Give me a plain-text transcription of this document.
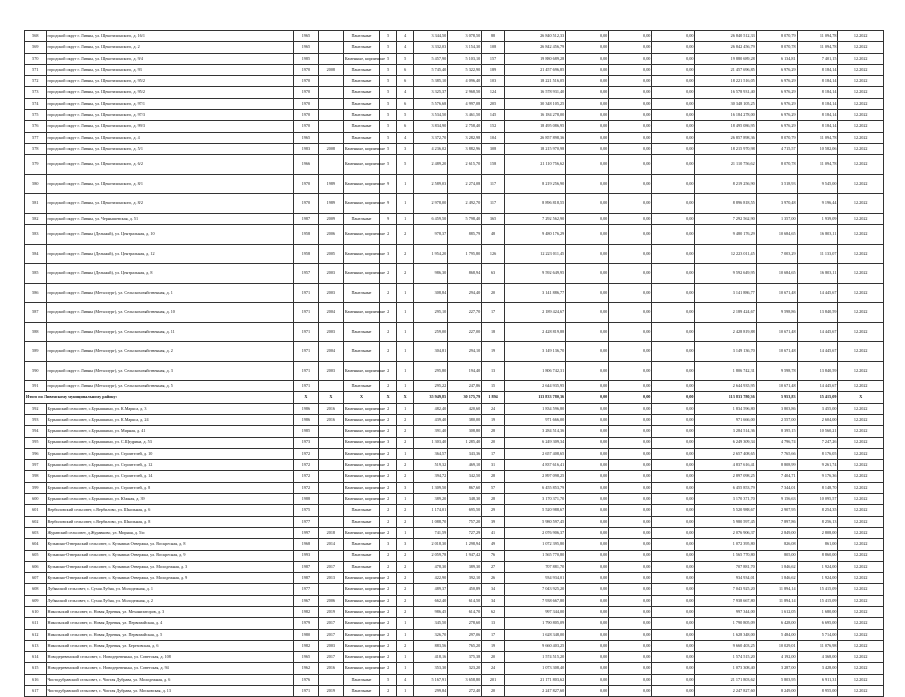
568	городской округ г. Ливны, ул. Щекотихинского, д. 16/1	1965		Панельные	5	4	3 344,50	3 078,50	88	26 840 512,33	0,00	0,00	0,00	26 840 512,33	8 070,79	11 094,78	12.2022
569	городской округ г. Ливны, ул. Щекотихинского, д. 2	1965		Панельные	5	4	3 332,03	3 154,30	108	26 842 456,79	0,00	0,00	0,00	26 842 456,79	8 070,78	11 094,78	12.2022
570	городской округ г. Ливны, ул. Щекотихинского, д. 9/4	1985		Каменные, кирпичные	5	5	5 457,90	5 103,10	157	19 880 689,28	0,00	0,00	0,00	19 880 689,28	6 134,81	7 401,15	12.2022
571	городской округ г. Ливны, ул. Щекотихинского, д. 93	1970	2008	Панельные	5	6	5 745,40	5 322,90	189	21 457 696,85	0,00	0,00	0,00	21 457 696,85	6 976,29	8 184,14	12.2022
572	городской округ г. Ливны, ул. Щекотихинского, д. 95/2	1970		Панельные	5	6	5 385,10	4 096,40	103	18 221 516,05	0,00	0,00	0,00	18 221 516,05	6 976,29	8 184,14	12.2022
573	городской округ г. Ливны, ул. Щекотихинского, д. 95/2	1970		Панельные	5	4	3 325,37	2 968,50	124	16 578 931,40	0,00	0,00	0,00	16 578 931,40	6 976,29	8 184,14	12.2022
574	городской округ г. Ливны, ул. Щекотихинского, д. 97/1	1970		Панельные	5	6	5 576,68	4 997,08	205	30 348 105,25	0,00	0,00	0,00	30 348 105,25	6 976,29	8 184,14	12.2022
575	городской округ г. Ливны, ул. Щекотихинского, д. 97/3	1970		Панельные	5	5	3 534,50	3 461,50	145	16 184 278,00	0,00	0,00	0,00	16 184 278,00	6 976,29	8 184,14	12.2022
576	городской округ г. Ливны, ул. Щекотихинского, д. 99/3	1970		Панельные	5	6	3 834,90	2 758,40	152	18 495 086,95	0,00	0,00	0,00	18 495 086,95	6 976,29	8 184,14	12.2022
577	городской округ г. Ливны, ул. Щекотихинского, д. 4	1965		Панельные	5	4	3 372,70	3 282,98	104	26 857 898,36	0,00	0,00	0,00	26 857 898,36	8 070,79	11 094,78	12.2022
578	городской округ г. Ливны, ул. Щекотихинского, д. 5/1	1983	2008	Каменные, кирпичные	5	3	4 236,02	3 882,96	308	18 215 970,98	0,00	0,00	0,00	18 215 970,98	4 715,57	10 582,06	12.2022
579	городской округ г. Ливны, ул. Щекотихинского, д. 6/2	1966		Каменные, кирпичные	5	5	2 489,20	2 615,70	158	21 110 756,62	0,00	0,00	0,00	21 110 756,62	8 070,78	11 094,78	12.2022
580	городской округ г. Ливны, ул. Щекотихинского, д. 8/1	1970	1989	Каменные, кирпичные	9	1	2 589,03	2 274,08	117	8 219 256,90	0,00	0,00	0,00	8 219 256,90	3 518,93	9 545,00	12.2022
581	городской округ г. Ливны, ул. Щекотихинского, д. 8/2	1970	1989	Каменные, кирпичные	9	1	2 978,00	2 492,70	117	8 896 818,55	0,00	0,00	0,00	8 896 818,55	3 970,48	9 196,44	12.2022
582	городской округ г. Ливны, ул. Чернышевская, д. 51	1987	2009	Панельные	9	1	6 459,50	5 798,40	365	7 292 562,90	0,00	0,00	0,00	7 292 562,90	1 357,00	1 939,09	12.2022
583	городской округ г. Ливны (Дельный), ул. Центральная, д. 10	1958	2006	Каменные, кирпичные	2	2	978,37	885,79	48	9 480 176,29	0,00	0,00	0,00	9 480 176,29	10 684,65	16 803,11	12.2022
584	городской округ г. Ливны (Дельный), ул. Центральная, д. 12	1958	2005	Каменные, кирпичные	3	2	1 954,20	1 795,80	126	12 223 011,45	0,00	0,00	0,00	12 223 011,45	7 003,29	11 133,07	12.2022
585	городской округ г. Ливны (Дельный), ул. Центральная, д. 8	1957	2003	Каменные, кирпичные	2	2	986,30	868,94	63	9 592 649,95	0,00	0,00	0,00	9 592 649,95	10 684,65	16 803,11	12.2022
586	городской округ г. Ливны (Металлург), ул. Сельскохозяйственная, д. 1	1971	2003	Панельные	2	1	308,84	294,40	20	3 141 886,77	0,00	0,00	0,00	3 141 886,77	10 671,48	14 445,67	12.2022
587	городской округ г. Ливны (Металлург), ул. Сельскохозяйственная, д. 10	1971	2004	Каменные, кирпичные	2	1	295,10	227,70	17	2 189 424,67	0,00	0,00	0,00	2 189 424,67	9 598,86	13 840,59	12.2022
588	городской округ г. Ливны (Металлург), ул. Сельскохозяйственная, д. 11	1971	2003	Панельные	2	1	259,00	227,00	18	2 428 819,88	0,00	0,00	0,00	2 428 819,88	10 671,48	14 445,67	12.2022
589	городской округ г. Ливны (Металлург), ул. Сельскохозяйственная, д. 2	1971	2004	Панельные	2	1	304,81	294,10	19	3 149 136,70	0,00	0,00	0,00	3 149 136,70	10 671,48	14 445,67	12.2022
590	городской округ г. Ливны (Металлург), ул. Сельскохозяйственная, д. 3	1971	2003	Каменные, кирпичные	2	1	295,80	194,40	13	1 806 742,31	0,00	0,00	0,00	1 806 742,31	9 598,78	13 840,59	12.2022
591	городской округ г. Ливны (Металлург), ул. Сельскохозяйственная, д. 5	1971		Панельные	2	1	295,22	247,86	15	2 644 935,95	0,00	0,00	0,00	2 644 935,95	10 671,48	14 445,67	12.2022
Итого по Ливенскому муниципальному району:		Х	Х	Х	Х	Х	35 949,85	30 175,79	1 894	113 833 780,36	0,00	0,00	0,00	113 833 780,36	5 953,83	15 415,09	Х
592	Бурышский сельсовет, с.Бурышкино, ул. К.Маркса, д. 3	1986	2016	Каменные, кирпичные	2	1	482,40	420,60	24	1 834 596,80	0,00	0,00	0,00	1 834 596,80	3 803,86	3 455,00	12.2022
593	Бурышский сельсовет, с.Бурышкино, ул. К.Маркса, д. 24	1986	2016	Каменные, кирпичные	2	2	439,40	380,00	19	971 666,00	0,00	0,00	0,00	971 666,00	2 557,00	2 604,00	12.2022
594	Бурышский сельсовет, с.Бурышкино, ул. Мирная, д. 41	1985		Каменные, кирпичные	2	2	391,40	308,80	28	3 284 514,36	0,00	0,00	0,00	3 284 514,36	8 395,15	10 560,21	12.2022
595	Бурышский сельсовет, с.Бурышкино, ул. С.Щедрина, д. 53	1973		Каменные, кирпичные	3	2	1 303,40	1 285,40	20	6 249 309,34	0,00	0,00	0,00	6 249 309,34	4 796,74	7 247,26	12.2022
596	Бурышский сельсовет, с.Бурышкино, ул. Строителей, д. 10	1972		Каменные, кирпичные	2	1	364,57	343,36	17	2 657 408,65	0,00	0,00	0,00	2 657 408,65	7 765,66	8 176,05	12.2022
597	Бурышский сельсовет, с.Бурышкино, ул. Строителей, д. 12	1972		Каменные, кирпичные	2	2	519,32	469,10	31	4 837 616,41	0,00	0,00	0,00	4 837 616,41	8 808,99	9 261,74	12.2022
598	Бурышский сельсовет, с.Бурышкино, ул. Строителей, д. 14	1972		Каменные, кирпичные	2	2	394,72	342,50	28	2 897 098,25	0,00	0,00	0,00	2 897 098,25	7 404,71	9 176,36	12.2022
599	Бурышский сельсовет, с.Бурышкино, ул. Строителей, д. 8	1972		Каменные, кирпичные	2	3	1 309,50	867,60	57	6 455 853,79	0,00	0,00	0,00	6 455 853,79	7 344,01	8 148,70	12.2022
600	Бурышский сельсовет, с.Бурышкино, ул. Южная, д. 39	1988		Каменные, кирпичные	2	1	389,20	348,30	28	3 170 371,70	0,00	0,00	0,00	3 170 371,70	9 156,63	10 095,57	12.2022
601	Вербиловский сельсовет, с.Вербилово, ул. Школьная, д. 6	1975		Панельные	2	2	1 174,01	695,50	29	5 520 988,67	0,00	0,00	0,00	5 520 988,67	2 907,95	8 254,35	12.2022
602	Вербиловский сельсовет, с.Вербилово, ул. Школьная, д. 8	1977		Панельные	2	2	1 088,70	757,20	39	5 980 597,45	0,00	0,00	0,00	5 980 597,45	7 897,86	8 256,13	12.2022
603	Журавский сельсовет, д.Журавково, ул. Мирная, д. 5/и	1997	2018	Каменные, кирпичные	2	1	741,59	727,29	41	2 076 906,37	0,00	0,00	0,00	2 076 906,37	2 849,00	2 808,00	12.2022
604	Кузьмино-Отвержский сельсовет, с. Кузьмина Отвержка, ул. Воскресная, д. 8	1968	2014	Панельные	3	3	2 018,30	1 298,94	49	1 072 395,80	0,00	0,00	0,00	1 072 395,80	826,08	861,00	12.2022
605	Кузьмино-Отвержский сельсовет, с. Кузьмина Отвержка, ул. Воскресная, д. 9	1993		Панельные	2	2	2 059,78	1 947,42	76	1 565 770,80	0,00	0,00	0,00	1 565 770,80	805,00	8 860,00	12.2022
606	Кузьмино-Отвержский сельсовет, с. Кузьмина Отвержка, ул. Молодежная, д. 3	1987	2017	Панельные	2	2	478,30	389,30	27	707 881,70	0,00	0,00	0,00	707 881,70	1 846,62	1 924,00	12.2022
607	Кузьмино-Отвержский сельсовет, с. Кузьмина Отвержка, ул. Молодежная, д. 9	1987	2013	Каменные, кирпичные	2	2	422,90	392,10	26	934 934,01	0,00	0,00	0,00	934 934,01	1 846,62	1 924,00	12.2022
608	Лубянский сельсовет, с. Сухая Лубна, ул. Молодежная, д. 1	1977		Каменные, кирпичные	2	2	489,37	450,89	34	7 043 925,20	0,00	0,00	0,00	7 043 925,20	11 894,14	15 415,09	12.2022
609	Лубянский сельсовет, с. Сухая Лубна, ул. Молодежная, д. 2	1967	2006	Каменные, кирпичные	2	2	662,40	614,50	34	7 938 667,80	0,00	0,00	0,00	7 938 667,80	11 894,14	15 415,09	12.2022
610	Никольский сельсовет, п. Новая Деревня, ул. Механизаторов, д. 3	1982	2019	Каменные, кирпичные	2	2	986,45	614,70	62	997 344,00	0,00	0,00	0,00	997 344,00	1 612,05	1 680,00	12.2022
611	Никольский сельсовет, п. Новая Деревня, ул. Первомайская, д. 4	1979	2017	Каменные, кирпичные	2	1	345,50	278,60	13	1 790 805,09	0,00	0,00	0,00	1 790 805,09	6 428,00	6 695,00	12.2022
612	Никольский сельсовет, п. Новая Деревня, ул. Первомайская, д. 5	1980	2017	Каменные, кирпичные	2	1	326,70	297,06	17	1 628 348,00	0,00	0,00	0,00	1 628 348,00	5 484,00	5 714,00	12.2022
613	Никольский сельсовет, п. Новая Деревня, ул. Березовская, д. 6	1982	2003	Каменные, кирпичные	2	2	883,56	765,20	19	9 660 403,25	0,00	0,00	0,00	9 660 403,25	10 029,01	11 076,98	12.2022
614	Новодеревенский сельсовет, с. Новодеревенька, ул. Советская, д. 108	1965	2017	Каменные, кирпичные	2	1	418,16	375,38	20	1 574 515,20	0,00	0,00	0,00	1 574 515,20	4 192,00	4 368,00	12.2022
615	Новодеревенский сельсовет, с. Новодеревенька, ул. Советская, д. 94	1962	2016	Каменные, кирпичные	2	1	353,30	323,20	24	1 073 308,40	0,00	0,00	0,00	1 073 308,40	3 287,00	3 428,00	12.2022
616	Чистодубравский сельсовет, с. Чистая Дубрава, ул. Молодежная, д. 6	1976		Панельные	5	4	5 167,91	3 658,80	201	21 171 803,62	0,00	0,00	0,00	21 171 803,62	5 803,95	6 911,31	12.2022
617	Чистодубравский сельсовет, с. Чистая Дубрава, ул. Московская, д. 13	1971	2019	Панельные	2	1	299,84	272,40	20	2 247 827,60	0,00	0,00	0,00	2 247 827,60	8 249,00	8 955,00	12.2022
